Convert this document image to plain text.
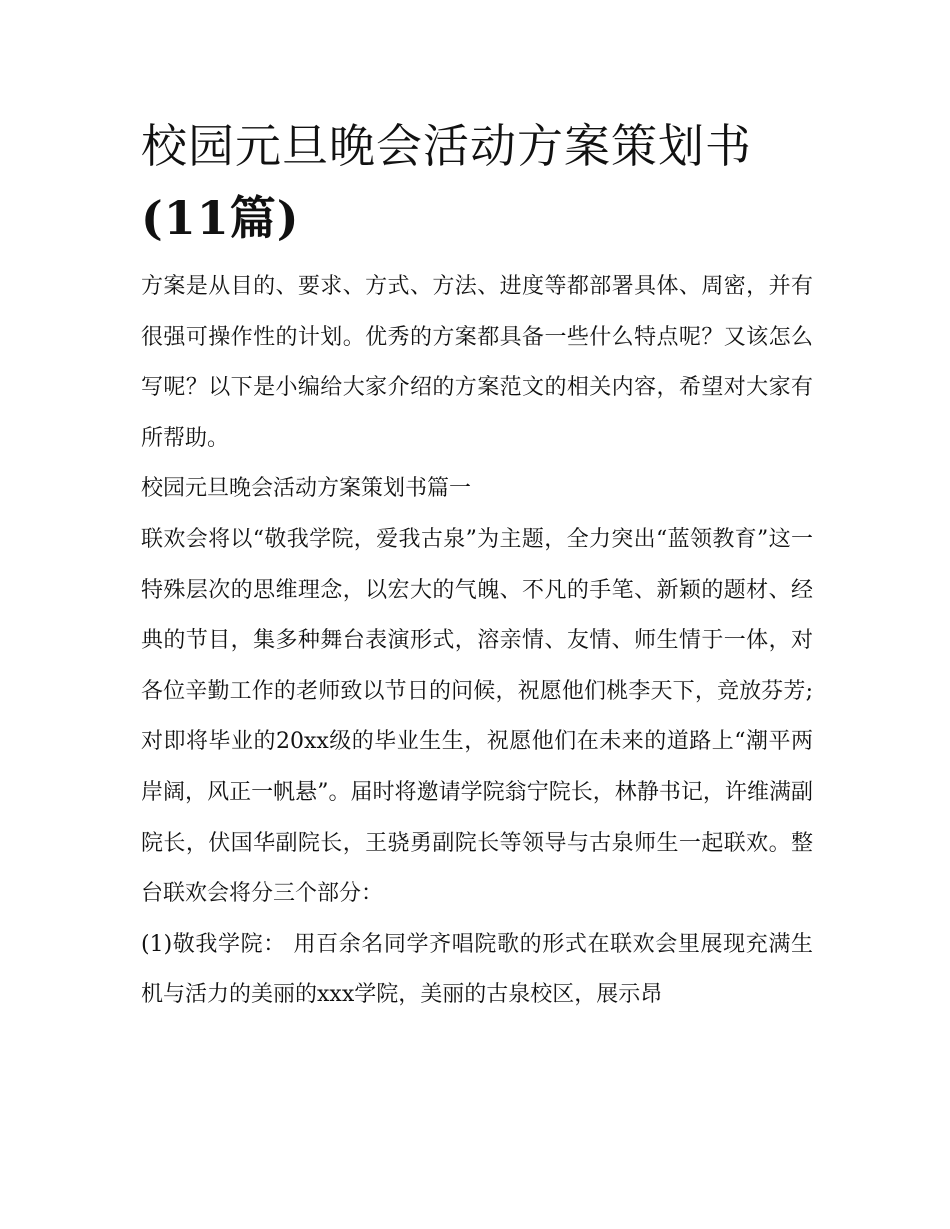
校园元旦晚会活动方案策划书
(11篇)

方案是从目的、要求、方式、方法、进度等都部署具体、周密，并有很强可操作性的计划。优秀的方案都具备一些什么特点呢？又该怎么写呢？以下是小编给大家介绍的方案范文的相关内容，希望对大家有所帮助。

校园元旦晚会活动方案策划书篇一

联欢会将以“敬我学院，爱我古泉”为主题，全力突出“蓝领教育”这一特殊层次的思维理念，以宏大的气魄、不凡的手笔、新颖的题材、经典的节目，集多种舞台表演形式，溶亲情、友情、师生情于一体，对各位辛勤工作的老师致以节日的问候，祝愿他们桃李天下，竞放芬芳;对即将毕业的20xx级的毕业生生，祝愿他们在未来的道路上“潮平两岸阔，风正一帆悬”。届时将邀请学院翁宁院长，林静书记，许维满副院长，伏国华副院长，王骁勇副院长等领导与古泉师生一起联欢。整台联欢会将分三个部分：

(1)敬我学院： 用百余名同学齐唱院歌的形式在联欢会里展现充满生机与活力的美丽的xxx学院，美丽的古泉校区，展示昂
